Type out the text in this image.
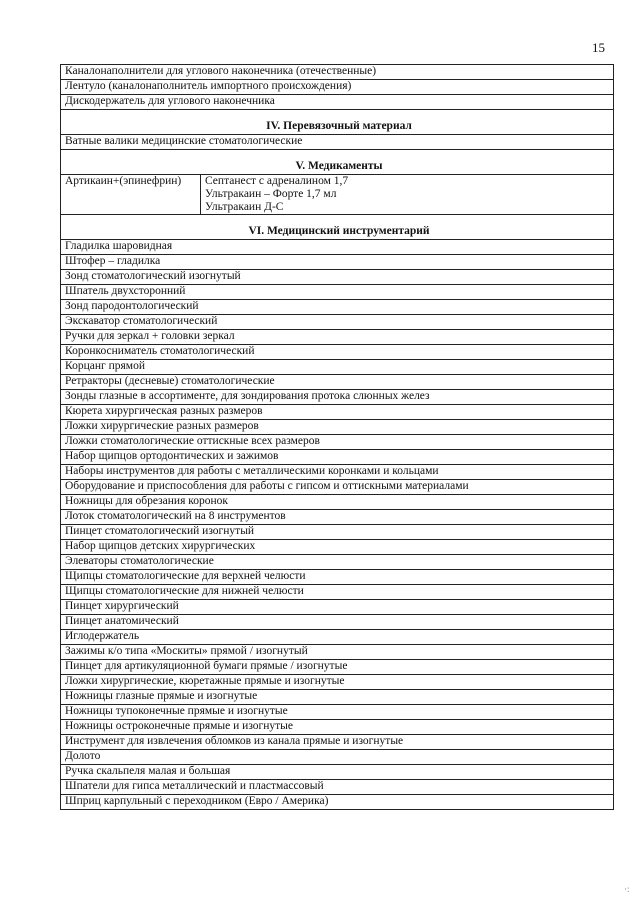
15
Каналонаполнители для углового наконечника (отечественные)
Лентуло (каналонаполнитель импортного происхождения)
Дискодержатель для углового наконечника

IV. Перевязочный материал
Ватные валики медицинские стоматологические

V. Медикаменты
Артикаин+(эпинефрин)	Септанест с адреналином 1,7
Ультракаин – Форте 1,7 мл
Ультракаин Д-С

VI. Медицинский инструментарий
Гладилка шаровидная
Штофер – гладилка
Зонд стоматологический изогнутый
Шпатель двухсторонний
Зонд пародонтологический
Экскаватор стоматологический
Ручки для зеркал + головки зеркал
Коронкосниматель стоматологический
Корцанг прямой
Ретракторы (десневые) стоматологические
Зонды глазные в ассортименте, для зондирования протока слюнных желез
Кюрета хирургическая разных размеров
Ложки хирургические разных размеров
Ложки стоматологические оттискные всех размеров
Набор щипцов ортодонтических и зажимов
Наборы инструментов для работы с металлическими коронками и кольцами
Оборудование и приспособления для работы с гипсом и оттискными материалами
Ножницы для обрезания коронок
Лоток стоматологический на 8 инструментов
Пинцет стоматологический изогнутый
Набор щипцов детских хирургических
Элеваторы стоматологические
Щипцы стоматологические для верхней челюсти
Щипцы стоматологические для нижней челюсти
Пинцет хирургический
Пинцет анатомический
Иглодержатель
Зажимы к/о типа «Москиты» прямой / изогнутый
Пинцет для артикуляционной бумаги прямые / изогнутые
Ложки хирургические, кюретажные прямые и изогнутые
Ножницы глазные прямые и изогнутые
Ножницы тупоконечные прямые и изогнутые
Ножницы остроконечные прямые и изогнутые
Инструмент для извлечения обломков из канала прямые и изогнутые
Долото
Ручка скальпеля малая и большая
Шпатели для гипса металлический и пластмассовый
Шприц карпульный с переходником (Евро / Америка)
·:
